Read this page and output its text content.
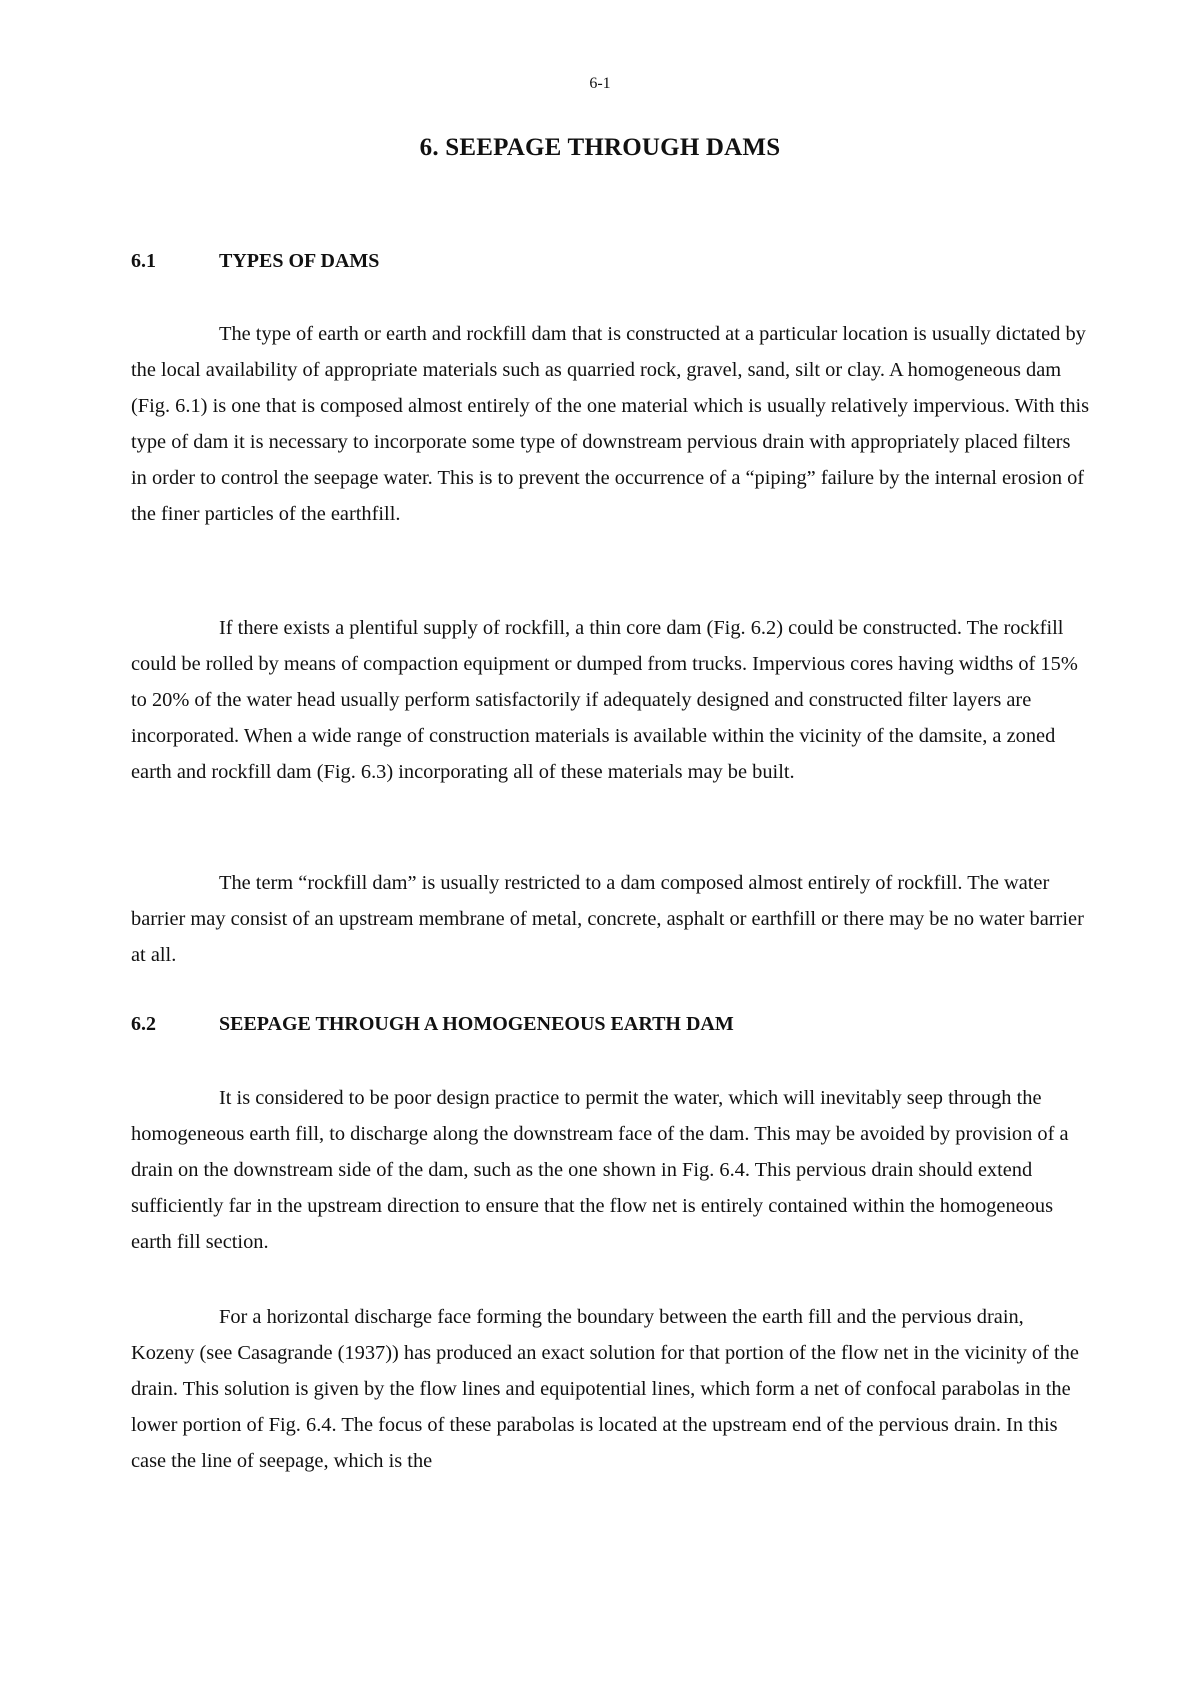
6-1
6. SEEPAGE THROUGH DAMS
6.1	TYPES OF DAMS

The type of earth or earth and rockfill dam that is constructed at a particular location is usually dictated by the local availability of appropriate materials such as quarried rock, gravel, sand, silt or clay. A homogeneous dam (Fig. 6.1) is one that is composed almost entirely of the one material which is usually relatively impervious. With this type of dam it is necessary to incorporate some type of downstream pervious drain with appropriately placed filters in order to control the seepage water. This is to prevent the occurrence of a “piping” failure by the internal erosion of the finer particles of the earthfill.

If there exists a plentiful supply of rockfill, a thin core dam (Fig. 6.2) could be constructed. The rockfill could be rolled by means of compaction equipment or dumped from trucks. Impervious cores having widths of 15% to 20% of the water head usually perform satisfactorily if adequately designed and constructed filter layers are incorporated. When a wide range of construction materials is available within the vicinity of the damsite, a zoned earth and rockfill dam (Fig. 6.3) incorporating all of these materials may be built.

The term “rockfill dam” is usually restricted to a dam composed almost entirely of rockfill. The water barrier may consist of an upstream membrane of metal, concrete, asphalt or earthfill or there may be no water barrier at all.

6.2	SEEPAGE THROUGH A HOMOGENEOUS EARTH DAM

It is considered to be poor design practice to permit the water, which will inevitably seep through the homogeneous earth fill, to discharge along the downstream face of the dam. This may be avoided by provision of a drain on the downstream side of the dam, such as the one shown in Fig. 6.4. This pervious drain should extend sufficiently far in the upstream direction to ensure that the flow net is entirely contained within the homogeneous earth fill section.

For a horizontal discharge face forming the boundary between the earth fill and the pervious drain, Kozeny (see Casagrande (1937)) has produced an exact solution for that portion of the flow net in the vicinity of the drain. This solution is given by the flow lines and equipotential lines, which form a net of confocal parabolas in the lower portion of Fig. 6.4. The focus of these parabolas is located at the upstream end of the pervious drain. In this case the line of seepage, which is the
